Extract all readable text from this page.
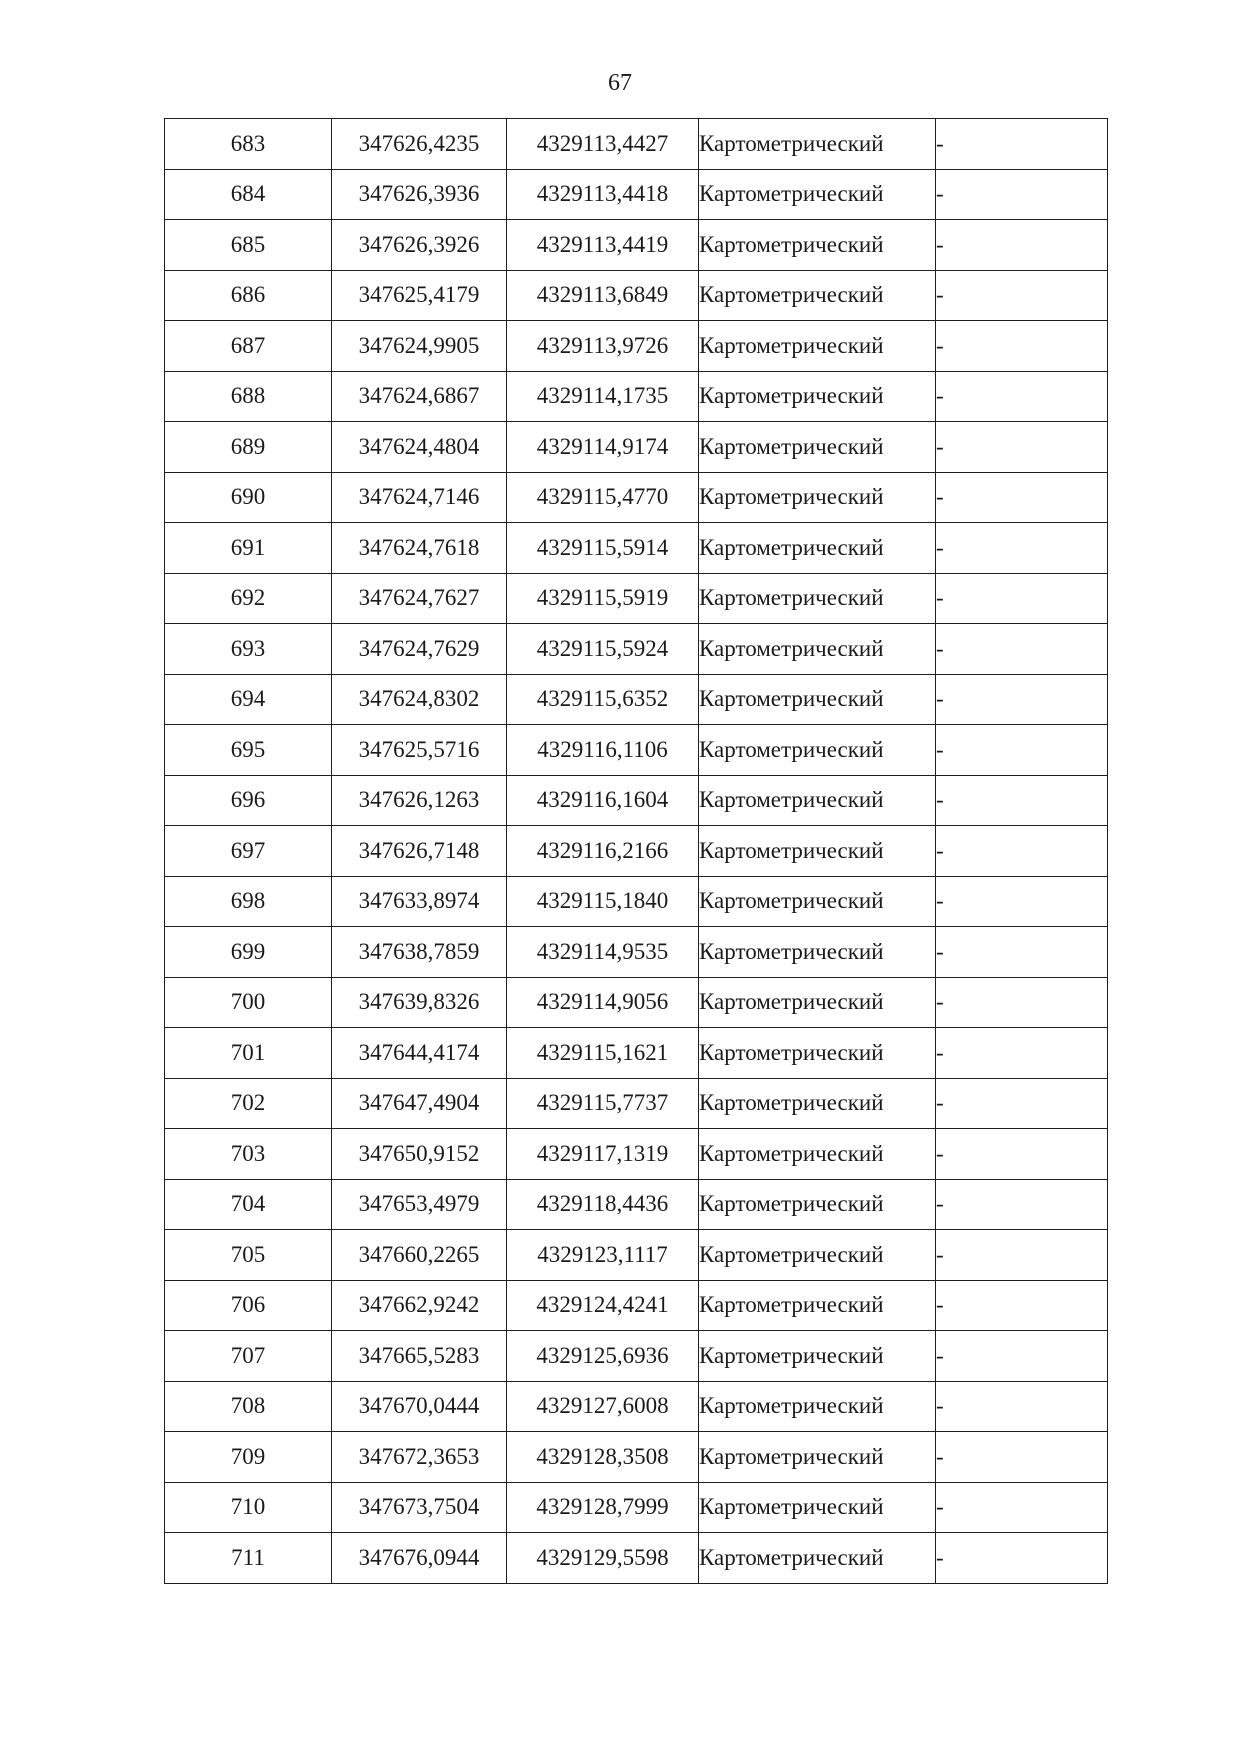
67
683	347626,4235	4329113,4427	Картометрический	-
684	347626,3936	4329113,4418	Картометрический	-
685	347626,3926	4329113,4419	Картометрический	-
686	347625,4179	4329113,6849	Картометрический	-
687	347624,9905	4329113,9726	Картометрический	-
688	347624,6867	4329114,1735	Картометрический	-
689	347624,4804	4329114,9174	Картометрический	-
690	347624,7146	4329115,4770	Картометрический	-
691	347624,7618	4329115,5914	Картометрический	-
692	347624,7627	4329115,5919	Картометрический	-
693	347624,7629	4329115,5924	Картометрический	-
694	347624,8302	4329115,6352	Картометрический	-
695	347625,5716	4329116,1106	Картометрический	-
696	347626,1263	4329116,1604	Картометрический	-
697	347626,7148	4329116,2166	Картометрический	-
698	347633,8974	4329115,1840	Картометрический	-
699	347638,7859	4329114,9535	Картометрический	-
700	347639,8326	4329114,9056	Картометрический	-
701	347644,4174	4329115,1621	Картометрический	-
702	347647,4904	4329115,7737	Картометрический	-
703	347650,9152	4329117,1319	Картометрический	-
704	347653,4979	4329118,4436	Картометрический	-
705	347660,2265	4329123,1117	Картометрический	-
706	347662,9242	4329124,4241	Картометрический	-
707	347665,5283	4329125,6936	Картометрический	-
708	347670,0444	4329127,6008	Картометрический	-
709	347672,3653	4329128,3508	Картометрический	-
710	347673,7504	4329128,7999	Картометрический	-
711	347676,0944	4329129,5598	Картометрический	-
